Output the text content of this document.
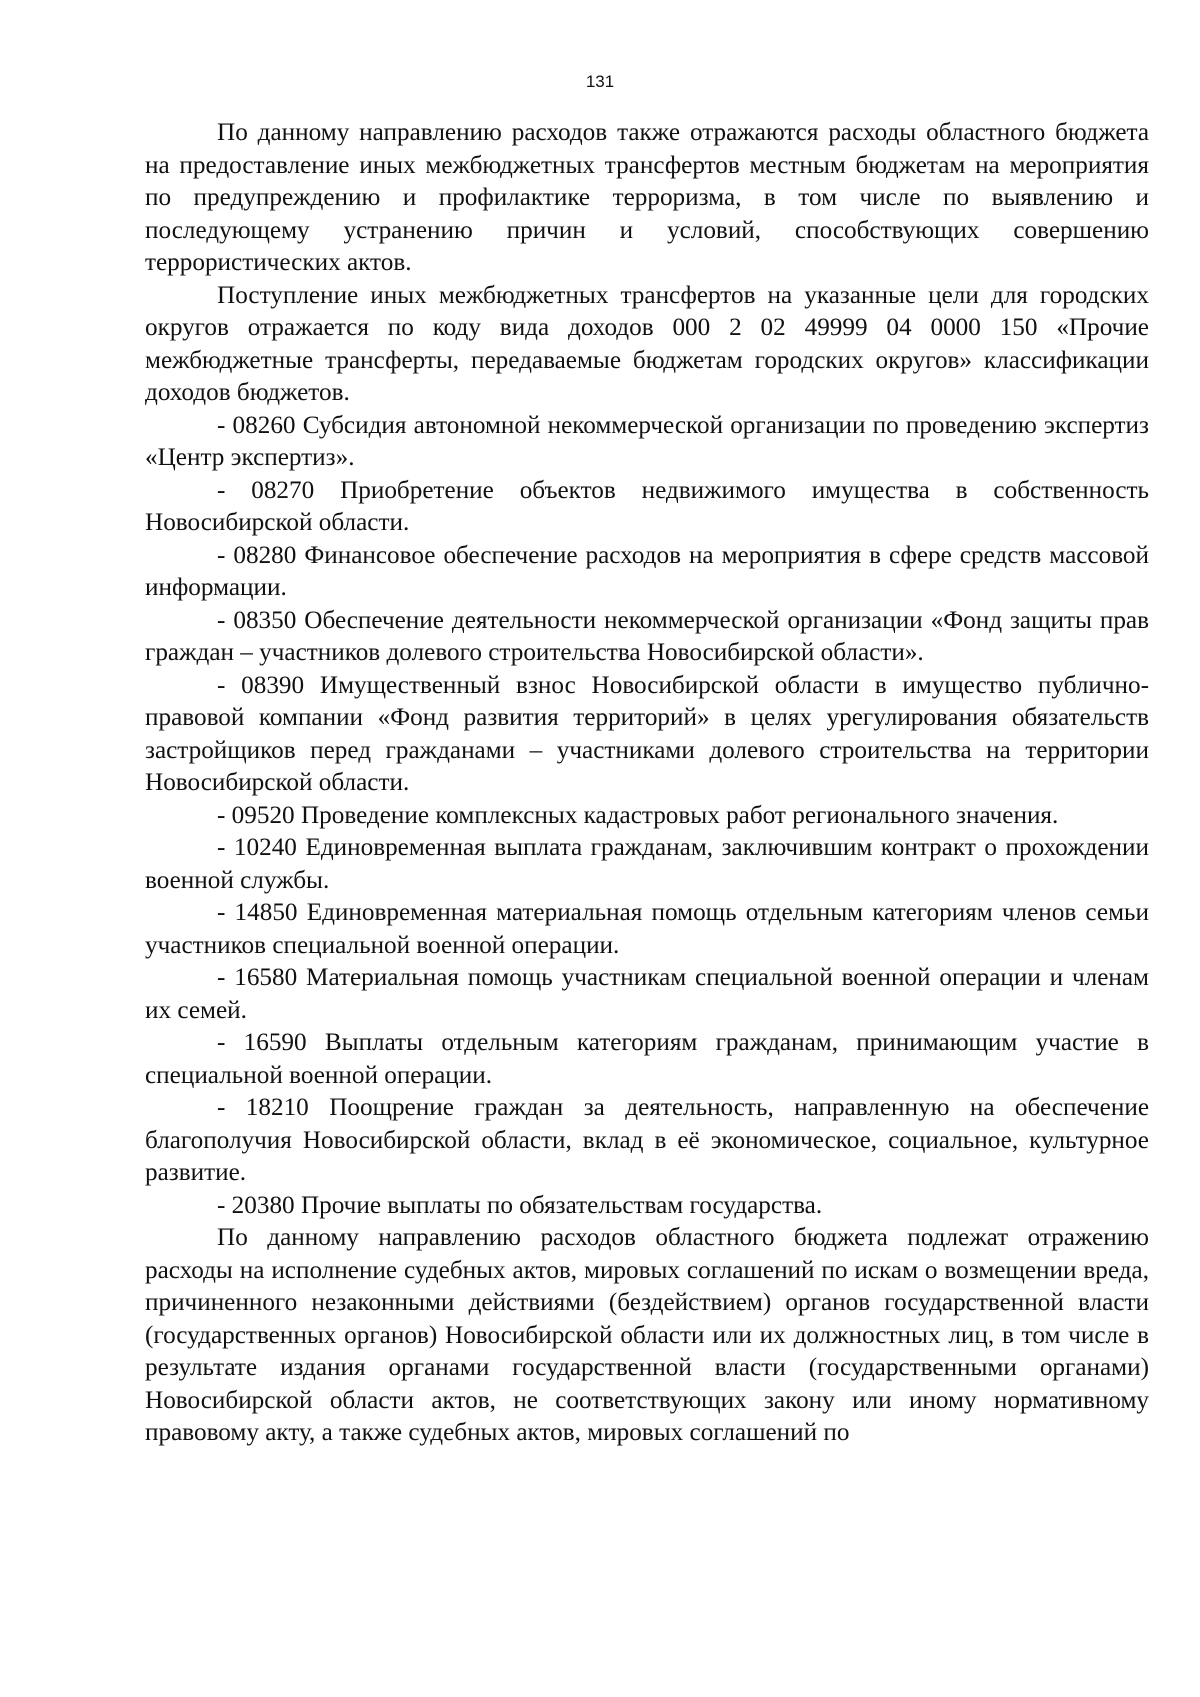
131

По данному направлению расходов также отражаются расходы областного бюджета на предоставление иных межбюджетных трансфертов местным бюджетам на мероприятия по предупреждению и профилактике терроризма, в том числе по выявлению и последующему устранению причин и условий, способствующих совершению террористических актов.

Поступление иных межбюджетных трансфертов на указанные цели для городских округов отражается по коду вида доходов 000 2 02 49999 04 0000 150 «Прочие межбюджетные трансферты, передаваемые бюджетам городских округов» классификации доходов бюджетов.

- 08260 Субсидия автономной некоммерческой организации по проведению экспертиз «Центр экспертиз».

- 08270 Приобретение объектов недвижимого имущества в собственность Новосибирской области.

- 08280 Финансовое обеспечение расходов на мероприятия в сфере средств массовой информации.

- 08350 Обеспечение деятельности некоммерческой организации «Фонд защиты прав граждан – участников долевого строительства Новосибирской области».

- 08390 Имущественный взнос Новосибирской области в имущество публично-правовой компании «Фонд развития территорий» в целях урегулирования обязательств застройщиков перед гражданами – участниками долевого строительства на территории Новосибирской области.

- 09520 Проведение комплексных кадастровых работ регионального значения.

- 10240 Единовременная выплата гражданам, заключившим контракт о прохождении военной службы.

- 14850 Единовременная материальная помощь отдельным категориям членов семьи участников специальной военной операции.

- 16580 Материальная помощь участникам специальной военной операции и членам их семей.

- 16590 Выплаты отдельным категориям гражданам, принимающим участие в специальной военной операции.

- 18210 Поощрение граждан за деятельность, направленную на обеспечение благополучия Новосибирской области, вклад в её экономическое, социальное, культурное развитие.

- 20380 Прочие выплаты по обязательствам государства.

По данному направлению расходов областного бюджета подлежат отражению расходы на исполнение судебных актов, мировых соглашений по искам о возмещении вреда, причиненного незаконными действиями (бездействием) органов государственной власти (государственных органов) Новосибирской области или их должностных лиц, в том числе в результате издания органами государственной власти (государственными органами) Новосибирской области актов, не соответствующих закону или иному нормативному правовому акту, а также судебных актов, мировых соглашений по
